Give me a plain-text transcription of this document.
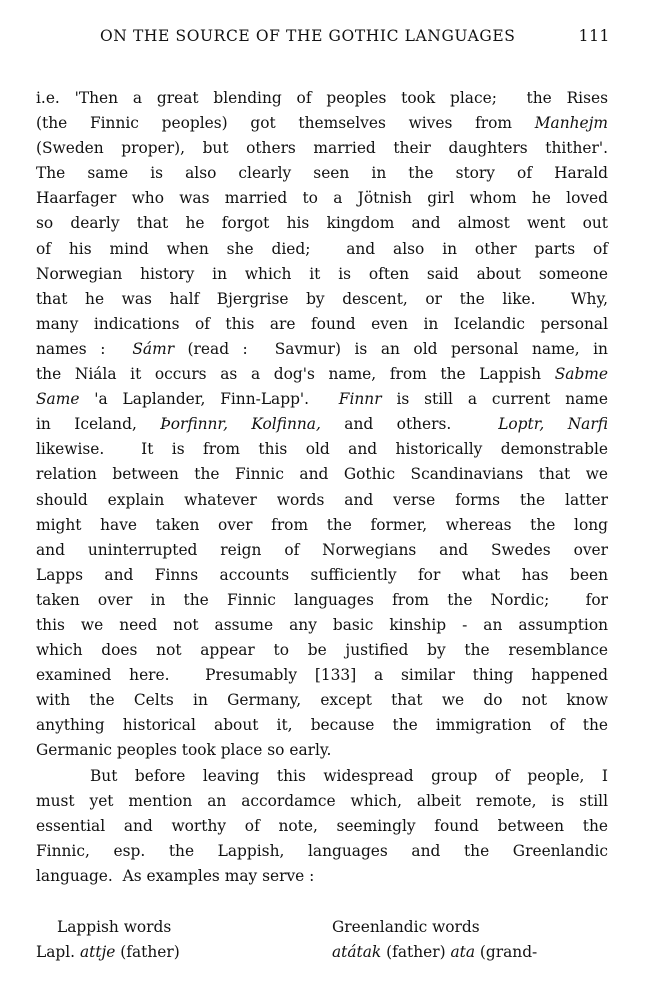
ON THE SOURCE OF THE GOTHIC LANGUAGES	111
i.e. 'Then a great blending of peoples took place;  the Rises
(the Finnic peoples) got themselves wives from Manhejm
(Sweden proper), but others married their daughters thither'.
The same is also clearly seen in the story of Harald
Haarfager who was married to a Jötnish girl whom he loved
so dearly that he forgot his kingdom and almost went out
of his mind when she died;  and also in other parts of
Norwegian history in which it is often said about someone
that he was half Bjergrise by descent, or the like.  Why,
many indications of this are found even in Icelandic personal
names :  Sámr (read :  Savmur) is an old personal name, in
the Niála it occurs as a dog's name, from the Lappish Sabme
Same 'a Laplander, Finn-Lapp'.  Finnr is still a current name
in Iceland, Þorfinnr, Kolfinna, and others.  Loptr, Narfi
likewise.  It is from this old and historically demonstrable
relation between the Finnic and Gothic Scandinavians that we
should explain whatever words and verse forms the latter
might have taken over from the former, whereas the long
and uninterrupted reign of Norwegians and Swedes over
Lapps and Finns accounts sufficiently for what has been
taken over in the Finnic languages from the Nordic;  for
this we need not assume any basic kinship - an assumption
which does not appear to be justified by the resemblance
examined here.  Presumably [133] a similar thing happened
with the Celts in Germany, except that we do not know
anything historical about it, because the immigration of the
Germanic peoples took place so early.
But before leaving this widespread group of people, I
must yet mention an accordamce which, albeit remote, is still
essential and worthy of note, seemingly found between the
Finnic, esp. the Lappish, languages and the Greenlandic
language.  As examples may serve :
Lappish words	Greenlandic words
Lapl. attje (father)	atátak (father) ata (grand-
